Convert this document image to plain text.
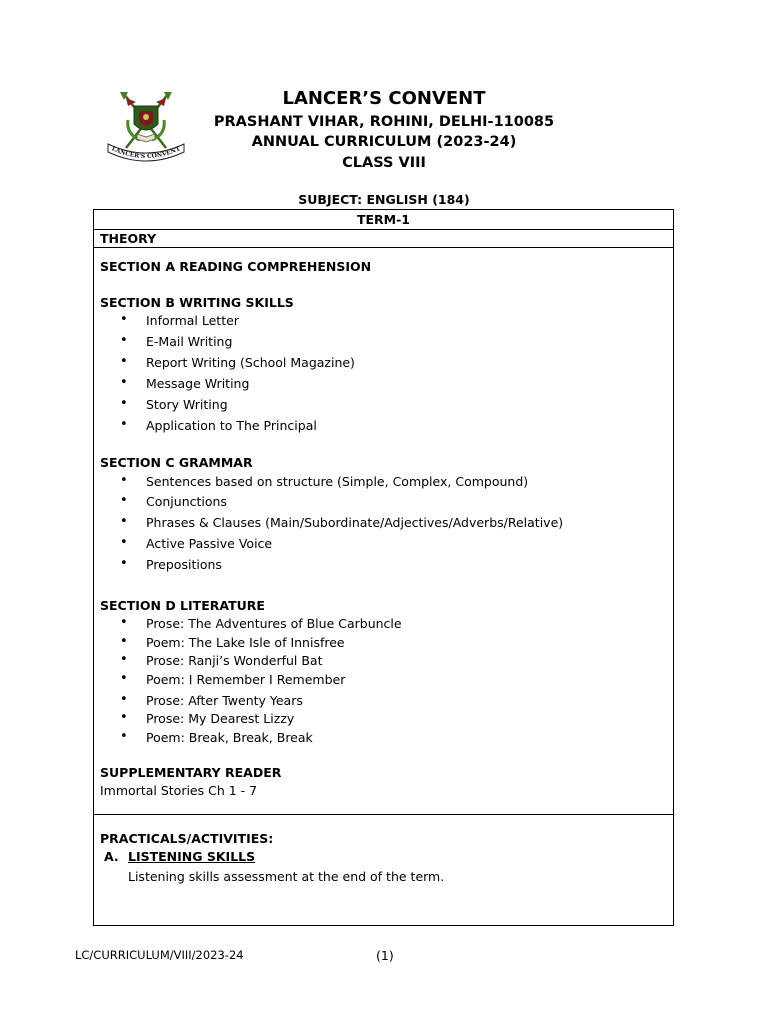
LANCER'S CONVENT
LANCER’S CONVENT
PRASHANT VIHAR, ROHINI, DELHI-110085
ANNUAL CURRICULUM (2023-24)
CLASS VIII
SUBJECT: ENGLISH (184)
TERM-1
THEORY
SECTION A READING COMPREHENSION
SECTION B WRITING SKILLS
• Informal Letter
• E-Mail Writing
• Report Writing (School Magazine)
• Message Writing
• Story Writing
• Application to The Principal
SECTION C GRAMMAR
• Sentences based on structure (Simple, Complex, Compound)
• Conjunctions
• Phrases & Clauses (Main/Subordinate/Adjectives/Adverbs/Relative)
• Active Passive Voice
• Prepositions
SECTION D LITERATURE
• Prose: The Adventures of Blue Carbuncle
• Poem: The Lake Isle of Innisfree
• Prose: Ranji’s Wonderful Bat
• Poem: I Remember I Remember
• Prose: After Twenty Years
• Prose: My Dearest Lizzy
• Poem: Break, Break, Break
SUPPLEMENTARY READER
Immortal Stories Ch 1 - 7
PRACTICALS/ACTIVITIES:
A. LISTENING SKILLS
Listening skills assessment at the end of the term.
LC/CURRICULUM/VIII/2023-24	(1)
